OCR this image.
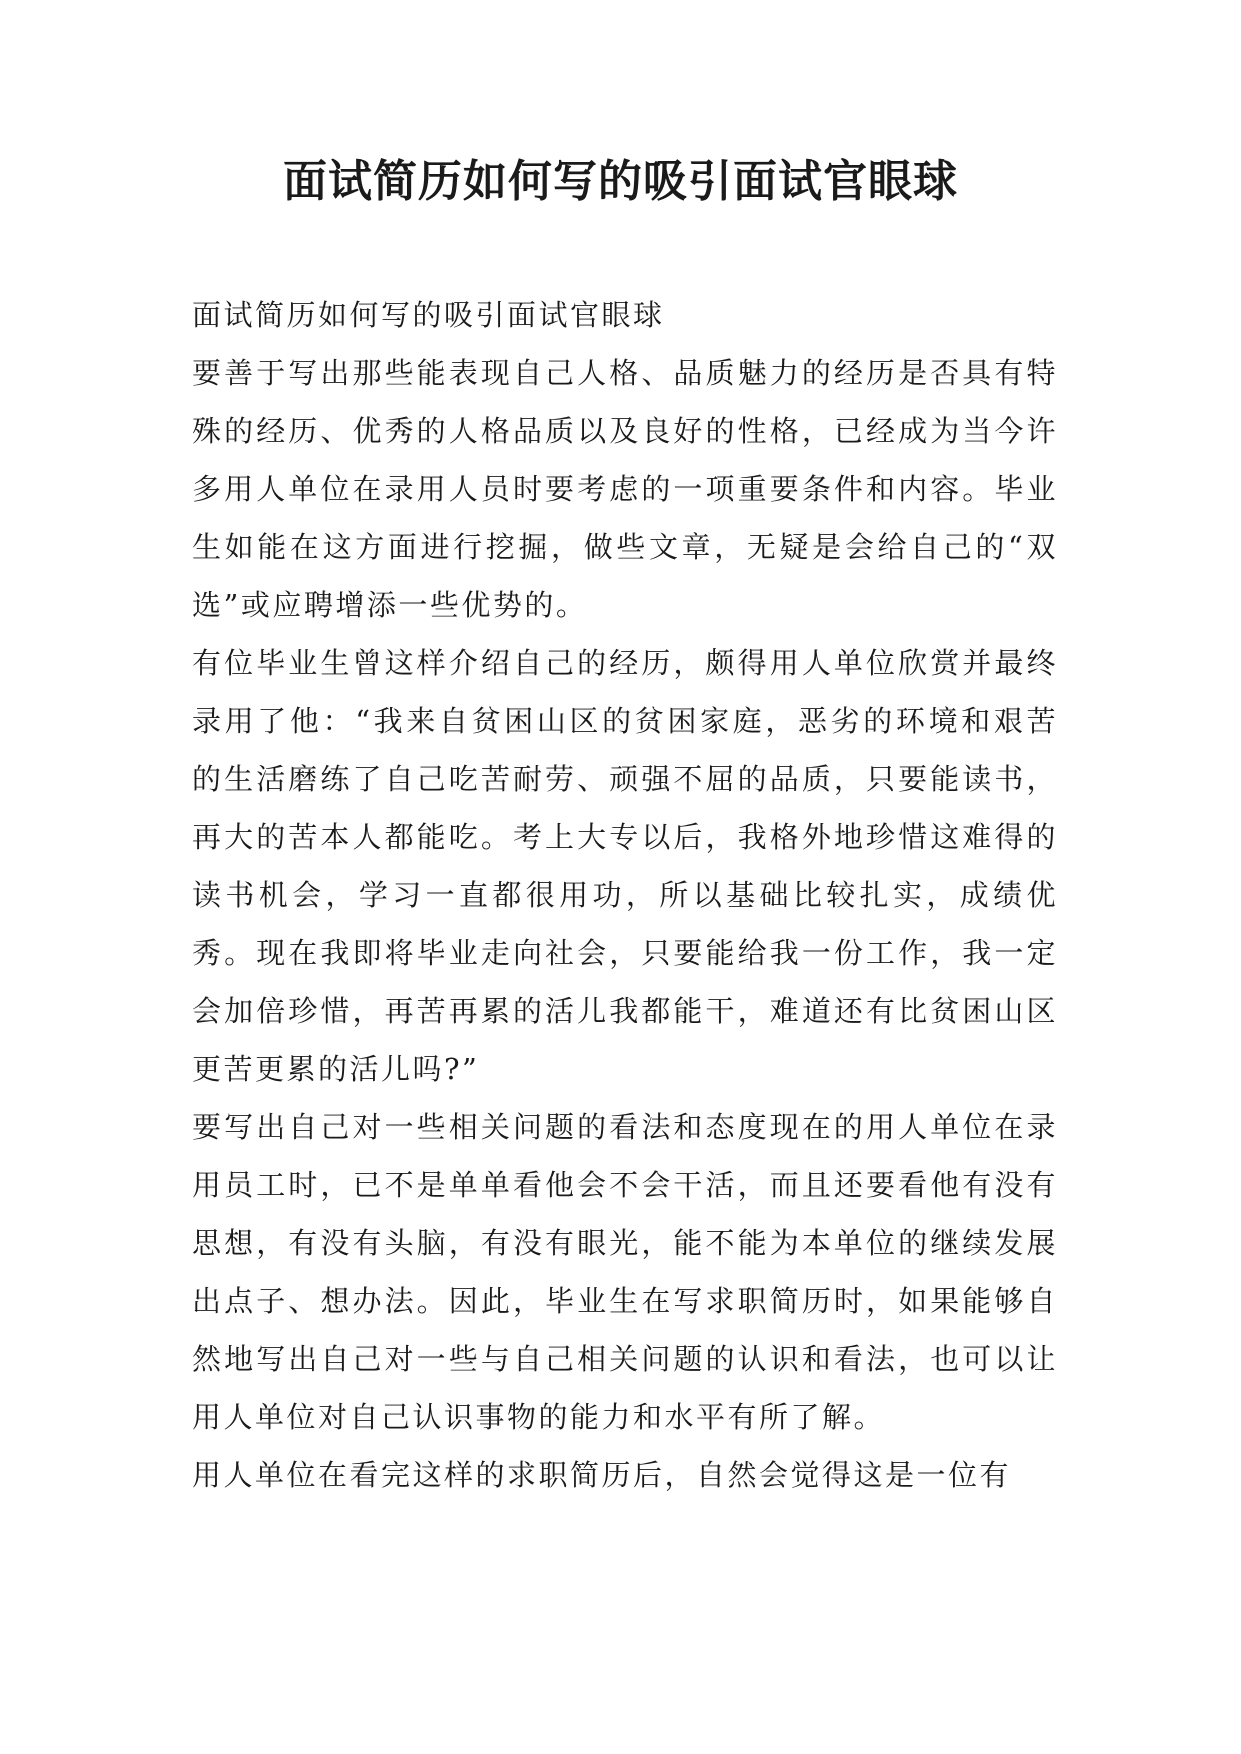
面试简历如何写的吸引面试官眼球

面试简历如何写的吸引面试官眼球

要善于写出那些能表现自己人格、品质魅力的经历是否具有特殊的经历、优秀的人格品质以及良好的性格，已经成为当今许多用人单位在录用人员时要考虑的一项重要条件和内容。毕业生如能在这方面进行挖掘，做些文章，无疑是会给自己的“双选”或应聘增添一些优势的。

有位毕业生曾这样介绍自己的经历，颇得用人单位欣赏并最终录用了他：“我来自贫困山区的贫困家庭，恶劣的环境和艰苦的生活磨练了自己吃苦耐劳、顽强不屈的品质，只要能读书，再大的苦本人都能吃。考上大专以后，我格外地珍惜这难得的读书机会，学习一直都很用功，所以基础比较扎实，成绩优秀。现在我即将毕业走向社会，只要能给我一份工作，我一定会加倍珍惜，再苦再累的活儿我都能干，难道还有比贫困山区更苦更累的活儿吗?”

要写出自己对一些相关问题的看法和态度现在的用人单位在录用员工时，已不是单单看他会不会干活，而且还要看他有没有思想，有没有头脑，有没有眼光，能不能为本单位的继续发展出点子、想办法。因此，毕业生在写求职简历时，如果能够自然地写出自己对一些与自己相关问题的认识和看法，也可以让用人单位对自己认识事物的能力和水平有所了解。

用人单位在看完这样的求职简历后，自然会觉得这是一位有
